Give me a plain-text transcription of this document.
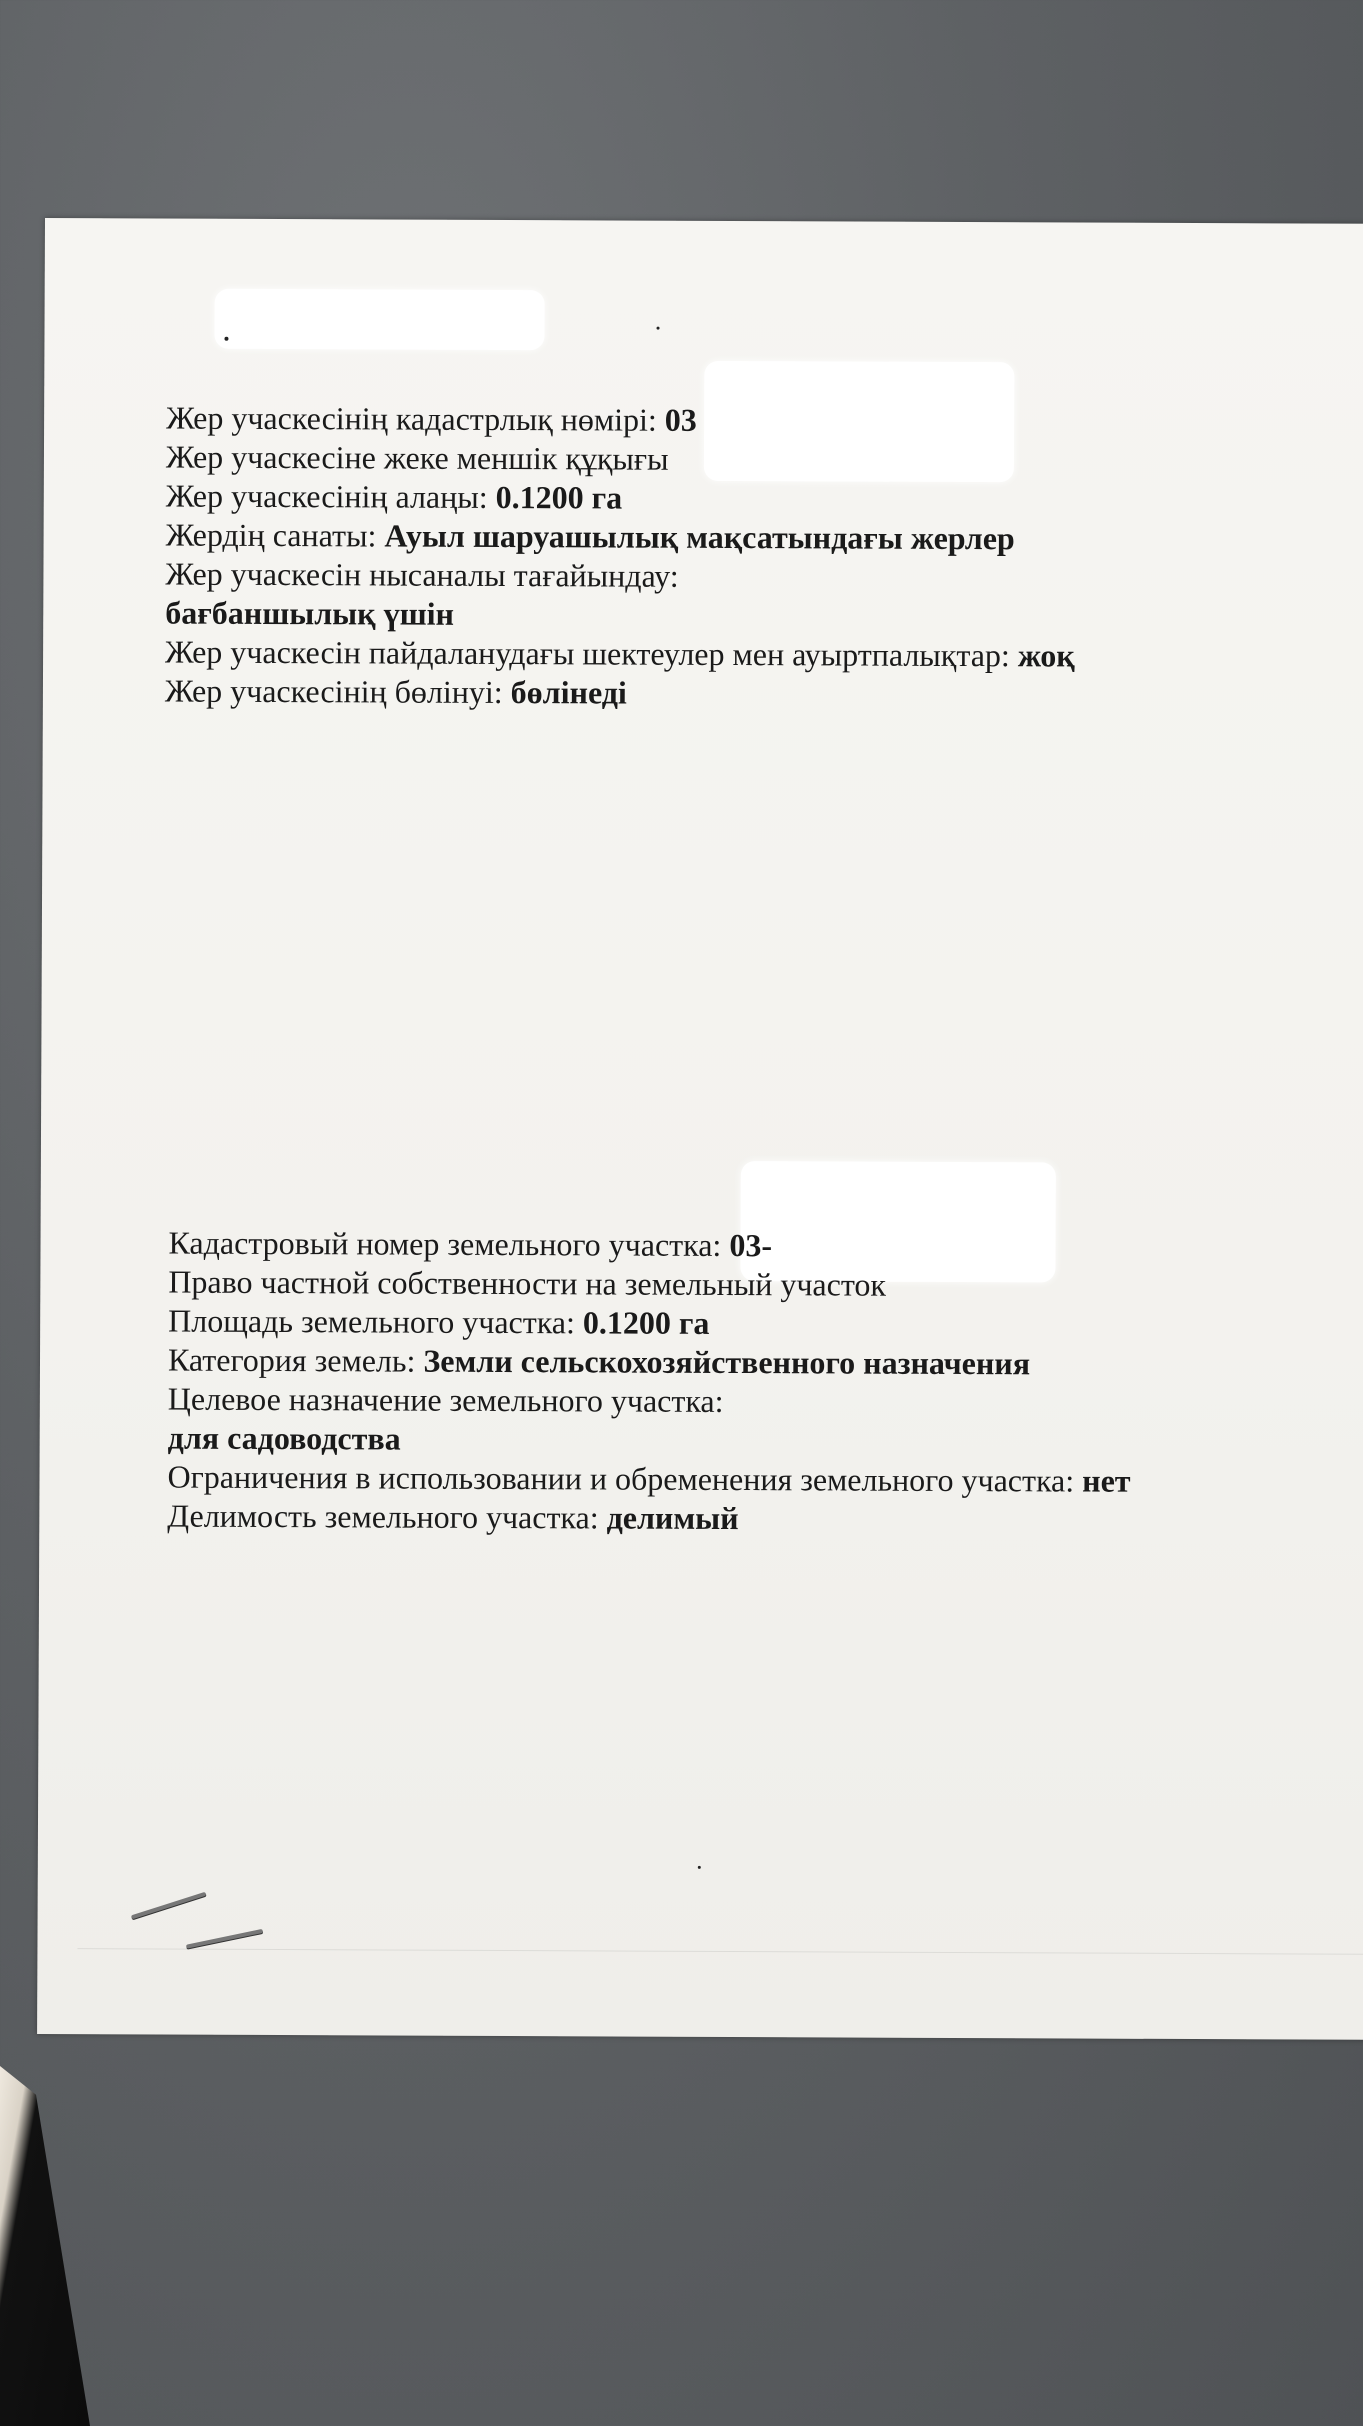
Жер учаскесінің кадастрлық нөмірі: 03
Жер учаскесіне жеке меншік құқығы
Жер учаскесінің алаңы: 0.1200 га
Жердің санаты: Ауыл шаруашылық мақсатындағы жерлер
Жер учаскесін нысаналы тағайындау:
бағбаншылық үшін
Жер учаскесін пайдаланудағы шектеулер мен ауыртпалықтар: жоқ
Жер учаскесінің бөлінуі: бөлінеді
Кадастровый номер земельного участка: 03-
Право частной собственности на земельный участок
Площадь земельного участка: 0.1200 га
Категория земель: Земли сельскохозяйственного назначения
Целевое назначение земельного участка:
для садоводства
Ограничения в использовании и обременения земельного участка: нет
Делимость земельного участка: делимый
